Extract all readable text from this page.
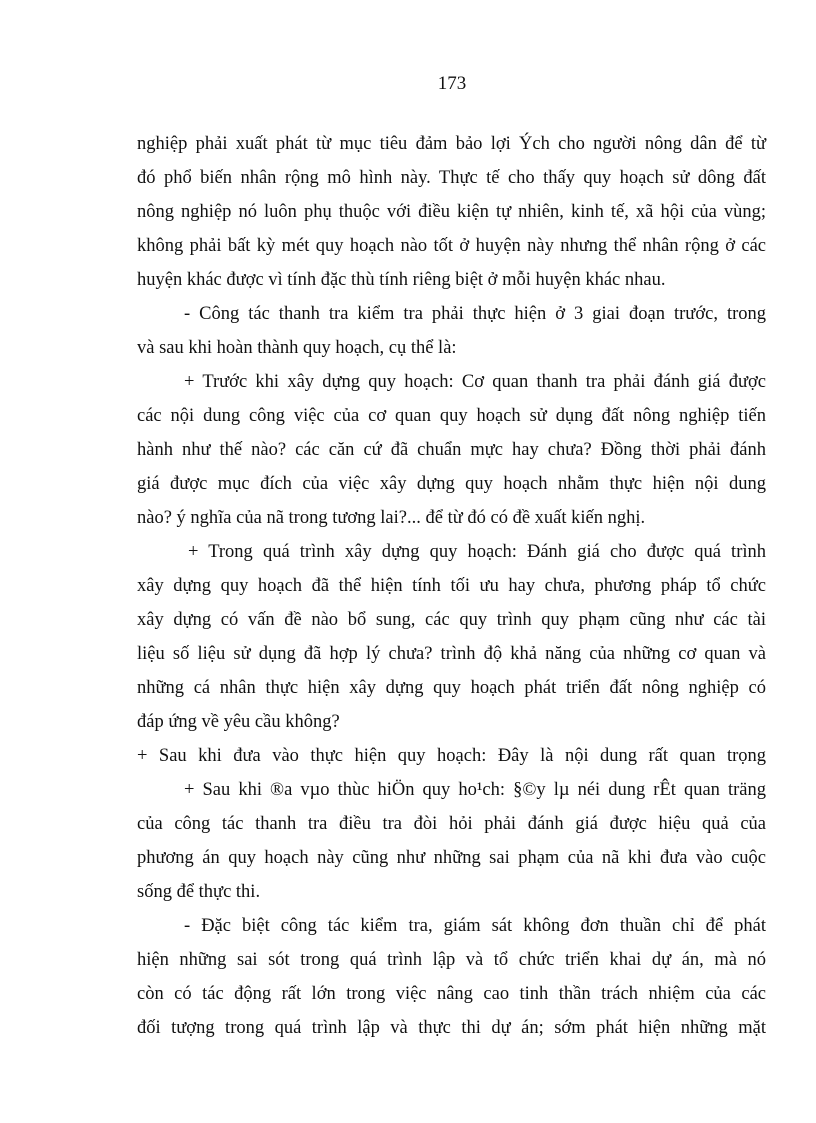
173
nghiệp phải xuất phát từ mục tiêu đảm bảo lợi Ých cho người nông dân để từ
đó phổ biến nhân rộng mô hình này. Thực tế cho thấy quy hoạch sử dông đất
nông nghiệp nó luôn phụ thuộc với điều kiện tự nhiên, kinh tế, xã hội của vùng;
không phải bất kỳ mét quy hoạch nào tốt ở huyện này nhưng thể nhân rộng ở các
huyện khác được vì tính đặc thù tính riêng biệt ở mỗi huyện khác nhau.
- Công tác thanh tra kiểm tra phải thực hiện ở 3 giai đoạn trước, trong
và sau khi hoàn thành quy hoạch, cụ thể là:
+ Trước khi xây dựng quy hoạch: Cơ quan thanh tra phải đánh giá được
các nội dung công việc của cơ quan quy hoạch sử dụng đất nông nghiệp tiến
hành như thế nào? các căn cứ đã chuẩn mực hay chưa? Đồng thời phải đánh
giá được mục đích của việc xây dựng quy hoạch nhằm thực hiện nội dung
nào? ý nghĩa của nã trong tương lai?... để từ đó có đề xuất kiến nghị.
+ Trong quá trình xây dựng quy hoạch: Đánh giá cho được quá trình
xây dựng quy hoạch đã thể hiện tính tối ưu hay chưa, phương pháp tổ chức
xây dựng có vấn đề nào bổ sung, các quy trình quy phạm cũng như các tài
liệu số liệu sử dụng đã hợp lý chưa? trình độ khả năng của những cơ quan và
những cá nhân thực hiện xây dựng quy hoạch phát triển đất nông nghiệp có
đáp ứng về yêu cầu không?
+ Sau khi đưa vào thực hiện quy hoạch: Đây là nội dung rất quan trọng
+ Sau khi ®a vµo thùc hiÖn quy ho¹ch: §©y lµ néi dung rÊt quan träng
của công tác thanh tra điều tra đòi hỏi phải đánh giá được hiệu quả của
phương án quy hoạch này cũng như những sai phạm của nã khi đưa vào cuộc
sống để thực thi.
- Đặc biệt công tác kiểm tra, giám sát không đơn thuần chỉ để phát
hiện những sai sót trong quá trình lập và tổ chức triển khai dự án, mà nó
còn có tác động rất lớn trong việc nâng cao tinh thần trách nhiệm của các
đối tượng trong quá trình lập và thực thi dự án; sớm phát hiện những mặt
